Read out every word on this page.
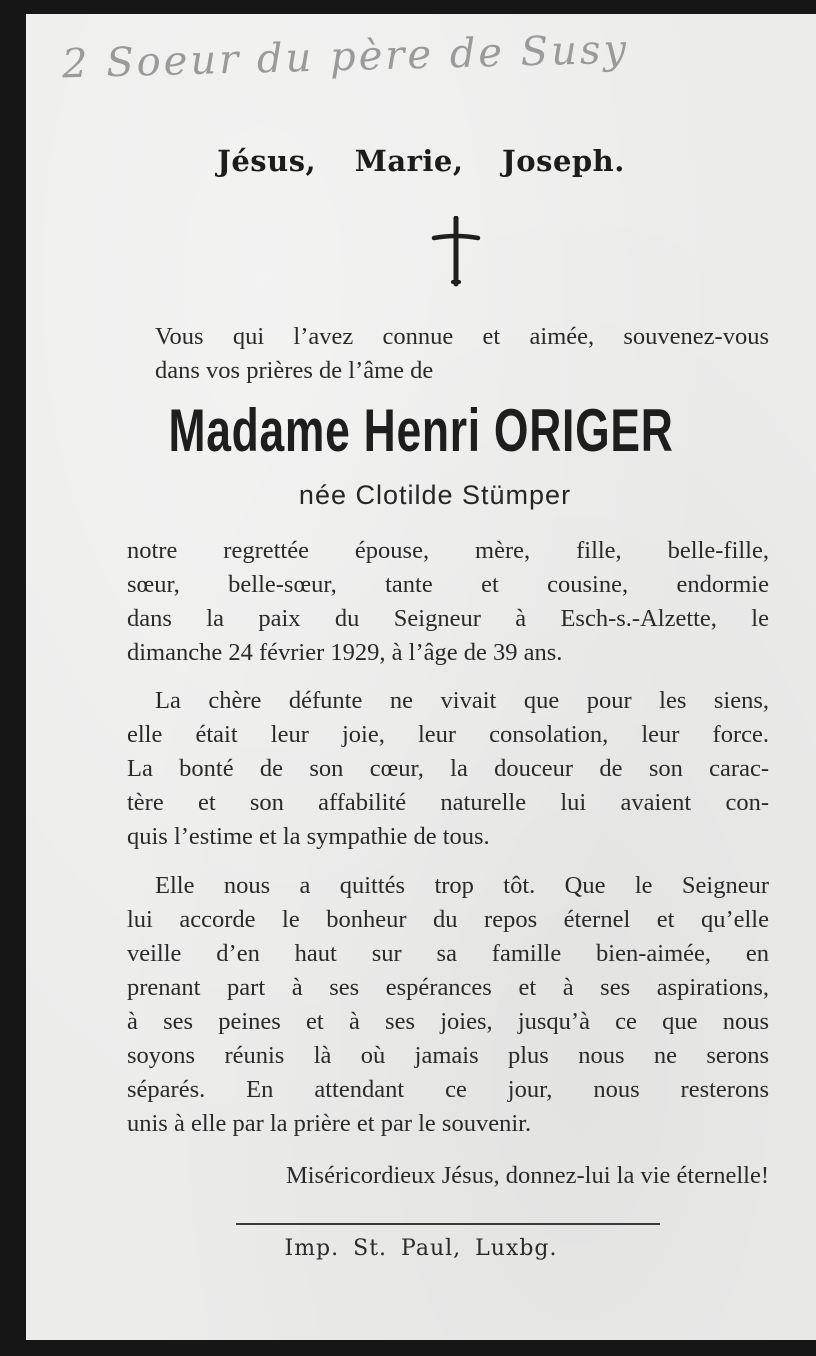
2 Soeur du père de Susy
Jésus, Marie, Joseph.
Vous qui l’avez connue et aimée, souvenez-vous
dans vos prières de l’âme de
Madame Henri ORIGER
née Clotilde Stümper
notre regrettée épouse, mère, fille, belle-fille,
sœur, belle-sœur, tante et cousine, endormie
dans la paix du Seigneur à Esch-s.-Alzette, le
dimanche 24 février 1929, à l’âge de 39 ans.
La chère défunte ne vivait que pour les siens,
elle était leur joie, leur consolation, leur force.
La bonté de son cœur, la douceur de son carac-
tère et son affabilité naturelle lui avaient con-
quis l’estime et la sympathie de tous.
Elle nous a quittés trop tôt. Que le Seigneur
lui accorde le bonheur du repos éternel et qu’elle
veille d’en haut sur sa famille bien-aimée, en
prenant part à ses espérances et à ses aspirations,
à ses peines et à ses joies, jusqu’à ce que nous
soyons réunis là où jamais plus nous ne serons
séparés. En attendant ce jour, nous resterons
unis à elle par la prière et par le souvenir.
Miséricordieux Jésus, donnez-lui la vie éternelle!
Imp. St. Paul, Luxbg.
